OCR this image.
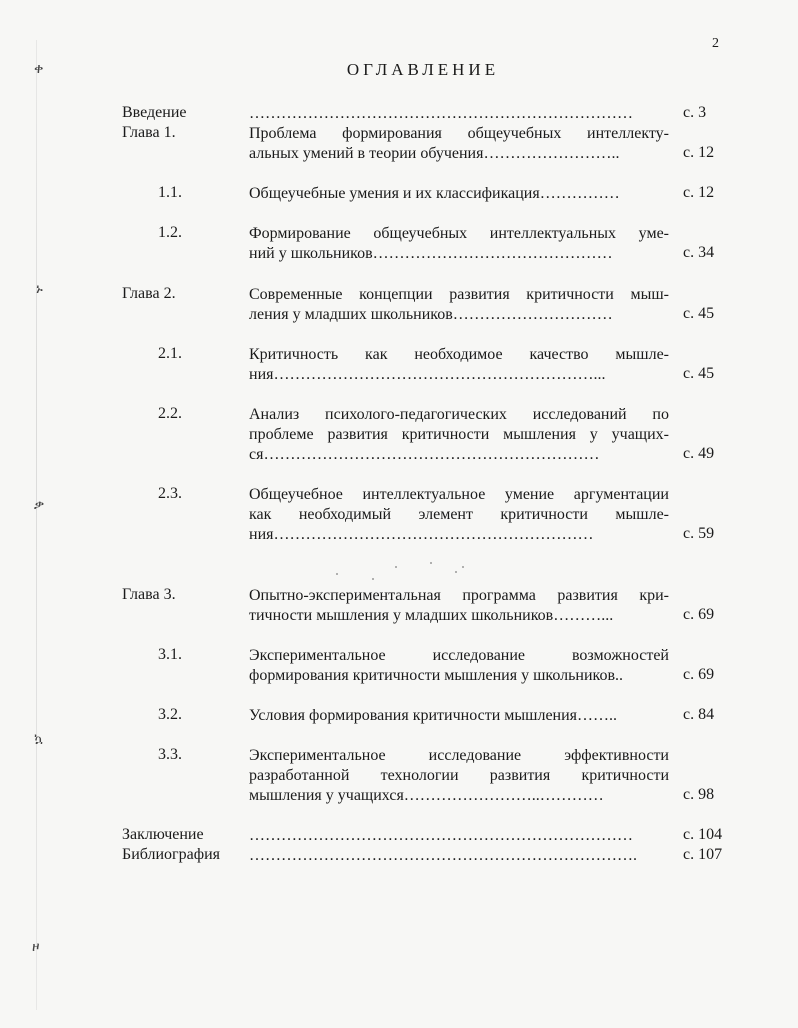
2
ОГЛАВЛЕНИЕ
Введение	………………………………………………………………	с. 3
Глава 1.	Проблема формирования общеучебных интеллекту-
альных умений в теории обучения……………………..	с. 12
1.1.	Общеучебные умения и их классификация……………	с. 12
1.2.	Формирование общеучебных интеллектуальных уме-
ний у школьников………………………………………	с. 34
Глава 2.	Современные концепции развития критичности мыш-
ления у младших школьников…………………………	с. 45
2.1.	Критичность как необходимое качество мышле-
ния……………………………………………………...	с. 45
2.2.	Анализ психолого-педагогических исследований по
проблеме развития критичности мышления у учащих-
ся………………………………………………………	с. 49
2.3.	Общеучебное интеллектуальное умение аргументации
как необходимый элемент критичности мышле-
ния……………………………………………………	с. 59
Глава 3.	Опытно-экспериментальная программа развития кри-
тичности мышления у младших школьников………...	с. 69
3.1.	Экспериментальное исследование возможностей
формирования критичности мышления у школьников..	с. 69
3.2.	Условия формирования критичности мышления……..	с. 84
3.3.	Экспериментальное исследование эффективности
разработанной технологии развития критичности
мышления у учащихся……………………..…………	с. 98
Заключение	………………………………………………………………	с. 104
Библиография ……………………………………………………………….	с. 107
ቀ
ኑ
ቃ
ኳ
ዞ
